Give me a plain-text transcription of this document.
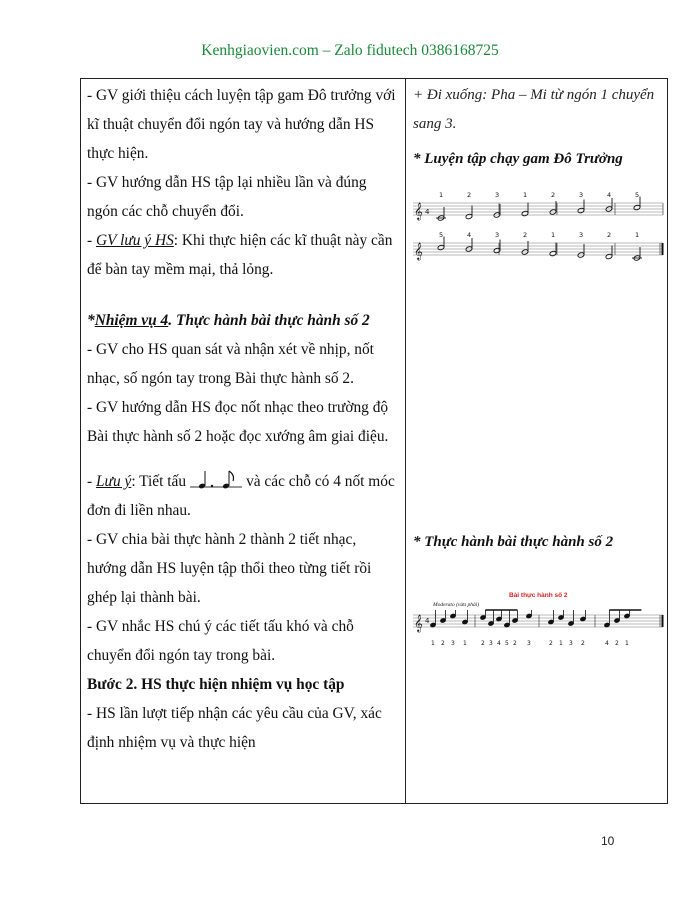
Kenhgiaovien.com – Zalo fidutech 0386168725

- GV giới thiệu cách luyện tập gam Đô trưởng với kĩ thuật chuyển đổi ngón tay và hướng dẫn HS thực hiện.

- GV hướng dẫn HS tập lại nhiều lần và đúng ngón các chỗ chuyển đổi.

- GV lưu ý HS: Khi thực hiện các kĩ thuật này cần để bàn tay mềm mại, thả lỏng.

*Nhiệm vụ 4. Thực hành bài thực hành số 2

- GV cho HS quan sát và nhận xét về nhịp, nốt nhạc, số ngón tay trong Bài thực hành số 2.

- GV hướng dẫn HS đọc nốt nhạc theo trường độ Bài thực hành số 2 hoặc đọc xướng âm giai điệu.

- Lưu ý: Tiết tấu	và các chỗ có 4 nốt móc đơn đi liền nhau.

- GV chia bài thực hành 2 thành 2 tiết nhạc, hướng dẫn HS luyện tập thổi theo từng tiết rồi ghép lại thành bài.

- GV nhắc HS chú ý các tiết tấu khó và chỗ chuyển đổi ngón tay trong bài.

Bước 2. HS thực hiện nhiệm vụ học tập

- HS lần lượt tiếp nhận các yêu cầu của GV, xác định nhiệm vụ và thực hiện

+ Đi xuống: Pha – Mi từ ngón 1 chuyển sang 3.

* Luyện tập chạy gam Đô Trưởng

* Thực hành bài thực hành số 2

𝄞 4
1	2	3	1	2	3	4	5
𝄞
5	4	3	2	1	3	2	1
Bài thực hành số 2
Moderato (vừa phải)
𝄞 4
1 2 3 1 2 3 4 5 2 3	2 1 3 2	4 2 1
10
